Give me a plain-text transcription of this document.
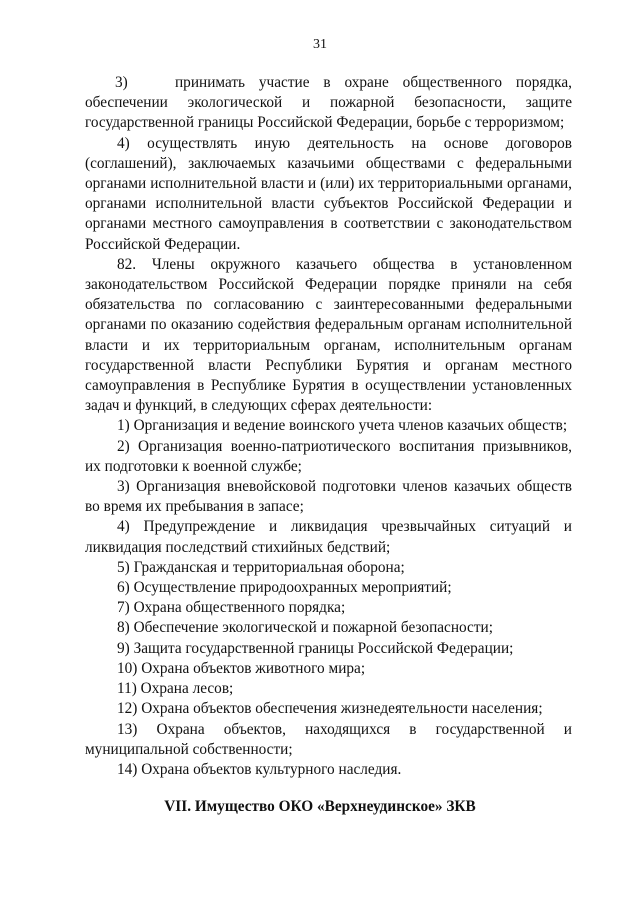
31

3)	принимать участие в охране общественного порядка, обеспечении экологической и пожарной безопасности, защите государственной границы Российской Федерации, борьбе с терроризмом;

4) осуществлять иную деятельность на основе договоров (соглашений), заключаемых казачьими обществами с федеральными органами исполнительной власти и (или) их территориальными органами, органами исполнительной власти субъектов Российской Федерации и органами местного самоуправления в соответствии с законодательством Российской Федерации.

82. Члены окружного казачьего общества в установленном законодательством Российской Федерации порядке приняли на себя обязательства по согласованию с заинтересованными федеральными органами по оказанию содействия федеральным органам исполнительной власти и их территориальным органам, исполнительным органам государственной власти Республики Бурятия и органам местного самоуправления в Республике Бурятия в осуществлении установленных задач и функций, в следующих сферах деятельности:

1) Организация и ведение воинского учета членов казачьих обществ;

2) Организация военно-патриотического воспитания призывников, их подготовки к военной службе;

3) Организация вневойсковой подготовки членов казачьих обществ во время их пребывания в запасе;

4) Предупреждение и ликвидация чрезвычайных ситуаций и ликвидация последствий стихийных бедствий;

5) Гражданская и территориальная оборона;

6) Осуществление природоохранных мероприятий;

7) Охрана общественного порядка;

8) Обеспечение экологической и пожарной безопасности;

9) Защита государственной границы Российской Федерации;

10) Охрана объектов животного мира;

11) Охрана лесов;

12) Охрана объектов обеспечения жизнедеятельности населения;

13) Охрана объектов, находящихся в государственной и муниципальной собственности;

14) Охрана объектов культурного наследия.

VII. Имущество ОКО «Верхнеудинское» ЗКВ
